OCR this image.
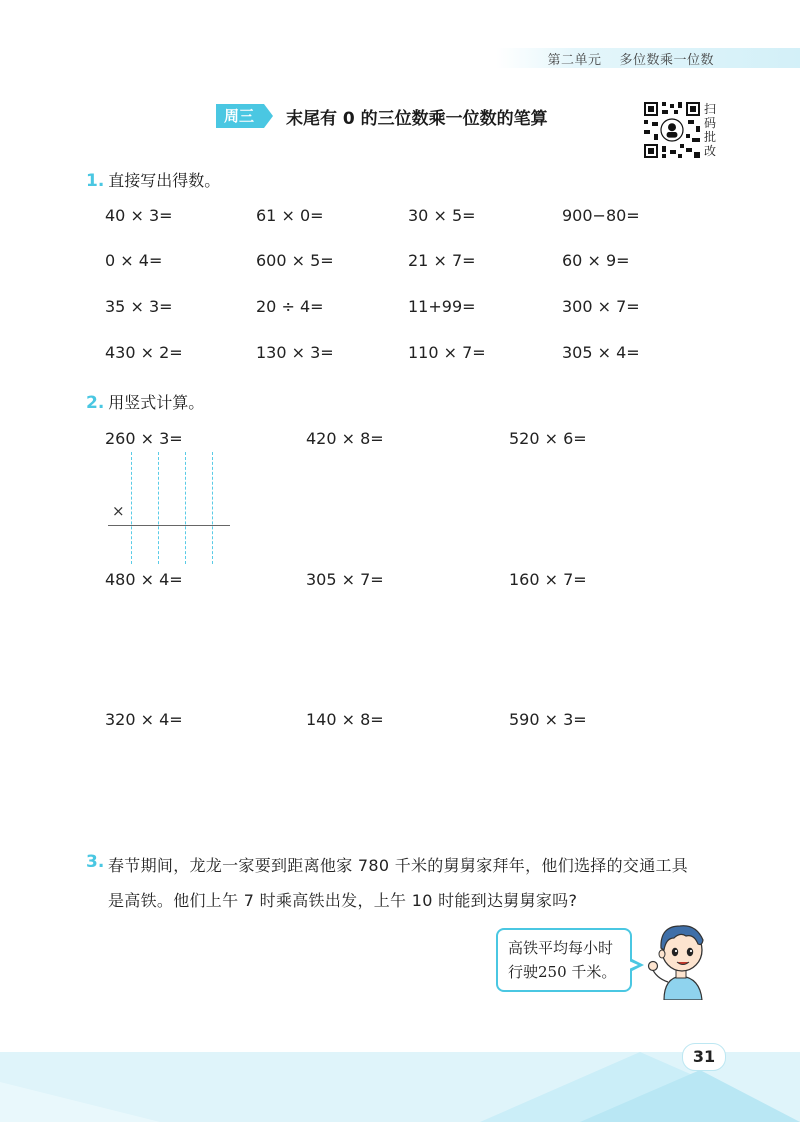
第二单元 多位数乘一位数
周三	末尾有 0 的三位数乘一位数的笔算	扫
码
批
改
1. 直接写出得数。
40 × 3=	61 × 0=	30 × 5=	900−80=
0 × 4=	600 × 5=	21 × 7=	60 × 9=
35 × 3=	20 ÷ 4=	11+99=	300 × 7=
430 × 2=	130 × 3=	110 × 7=	305 × 4=
2. 用竖式计算。
260 × 3=	420 × 8=	520 × 6=
×
480 × 4=	305 × 7=	160 × 7=
320 × 4=	140 × 8=	590 × 3=
3. 春节期间，龙龙一家要到距离他家 780 千米的舅舅家拜年，他们选择的交通工具
是高铁。他们上午 7 时乘高铁出发，上午 10 时能到达舅舅家吗?
高铁平均每小时
行驶250 千米。
31
